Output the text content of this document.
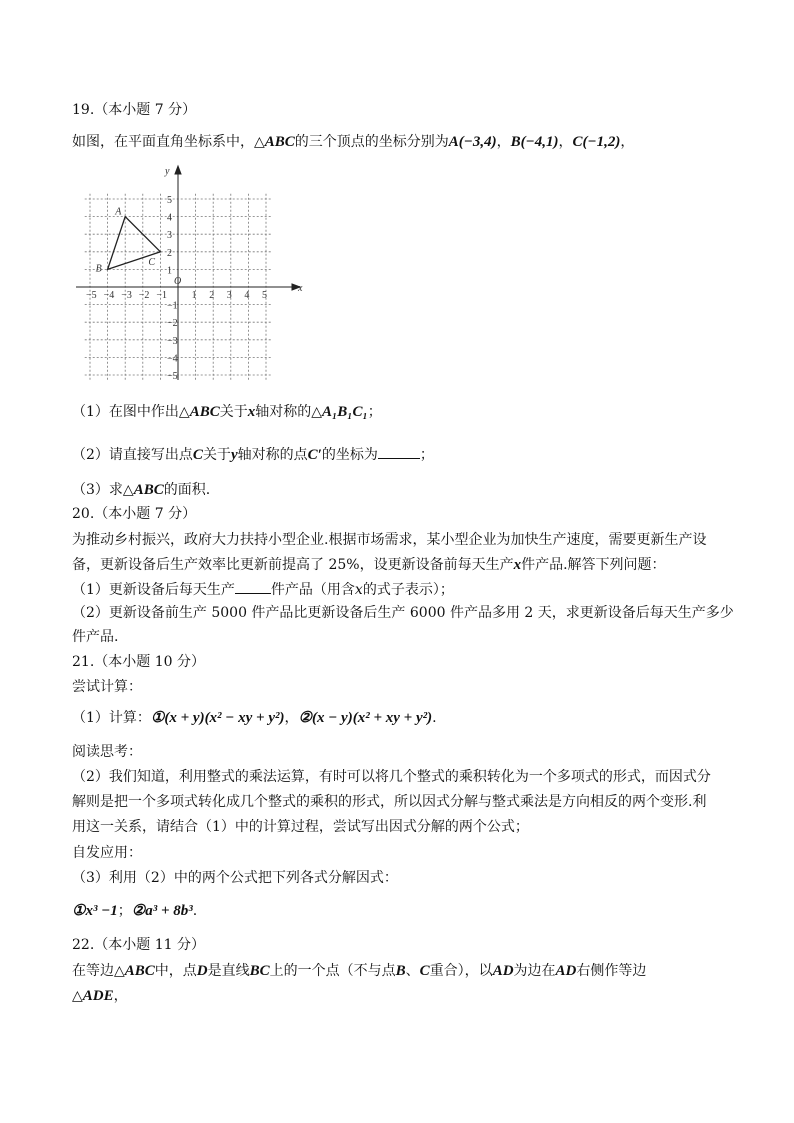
19.（本小题 7 分）
如图，在平面直角坐标系中，△ABC的三个顶点的坐标分别为A(−3,4)，B(−4,1)，C(−1,2)，
−5 −4 −3 −2 −1 1 2 3 4 5
5
4
3
2
1
−1
−2
−3
−4
−5
A
B
C
x
y
O
（1）在图中作出△ABC关于x轴对称的△A₁B₁C₁；
（2）请直接写出点C关于y轴对称的点C′的坐标为	；
（3）求△ABC的面积.
20.（本小题 7 分）
为推动乡村振兴，政府大力扶持小型企业.根据市场需求，某小型企业为加快生产速度，需要更新生产设
备，更新设备后生产效率比更新前提高了 25%，设更新设备前每天生产x件产品.解答下列问题：
（1）更新设备后每天生产	件产品（用含x的式子表示）；
（2）更新设备前生产 5000 件产品比更新设备后生产 6000 件产品多用 2 天，求更新设备后每天生产多少
件产品.
21.（本小题 10 分）
尝试计算：
（1）计算：①(x + y)(x² − xy + y²)，②(x − y)(x² + xy + y²).
阅读思考：
（2）我们知道，利用整式的乘法运算，有时可以将几个整式的乘积转化为一个多项式的形式，而因式分
解则是把一个多项式转化成几个整式的乘积的形式，所以因式分解与整式乘法是方向相反的两个变形.利
用这一关系，请结合（1）中的计算过程，尝试写出因式分解的两个公式；
自发应用：
（3）利用（2）中的两个公式把下列各式分解因式：
①x³ −1；②a³ + 8b³.
22.（本小题 11 分）
在等边△ABC中，点D是直线BC上的一个点（不与点B、C重合），以AD为边在AD右侧作等边
△ADE，
